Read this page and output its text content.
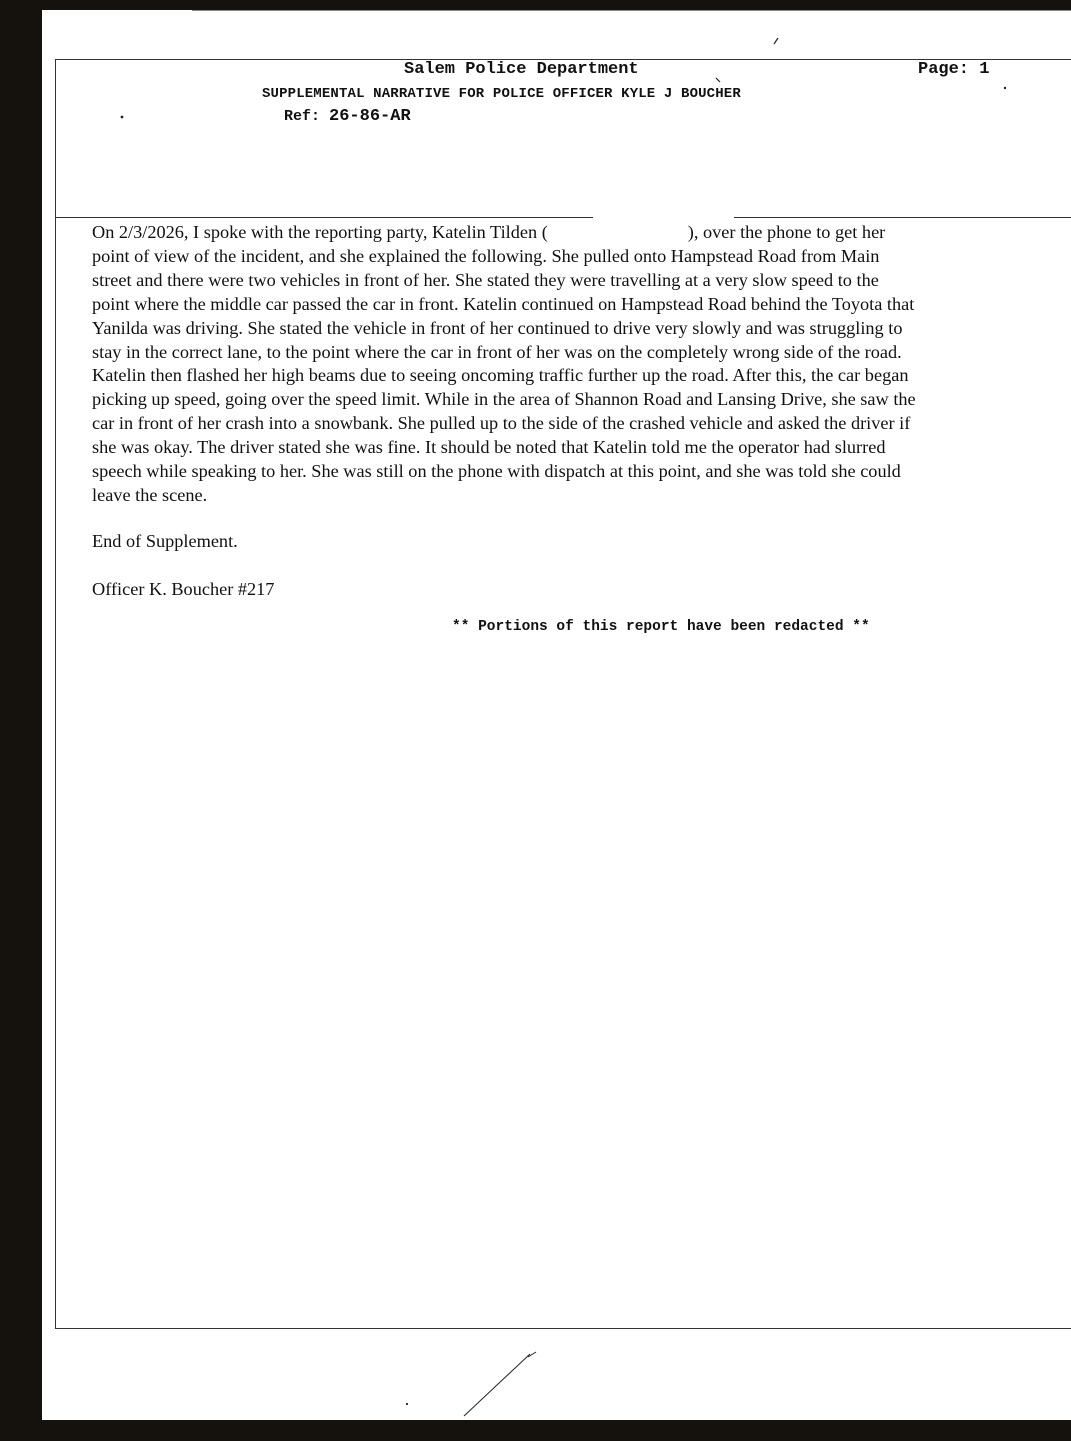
Salem Police Department	Page: 1
SUPPLEMENTAL NARRATIVE FOR POLICE OFFICER KYLE J BOUCHER
Ref: 26-86-AR
On 2/3/2026, I spoke with the reporting party, Katelin Tilden (	), over the phone to get her
point of view of the incident, and she explained the following. She pulled onto Hampstead Road from Main
street and there were two vehicles in front of her. She stated they were travelling at a very slow speed to the
point where the middle car passed the car in front. Katelin continued on Hampstead Road behind the Toyota that
Yanilda was driving. She stated the vehicle in front of her continued to drive very slowly and was struggling to
stay in the correct lane, to the point where the car in front of her was on the completely wrong side of the road.
Katelin then flashed her high beams due to seeing oncoming traffic further up the road. After this, the car began
picking up speed, going over the speed limit. While in the area of Shannon Road and Lansing Drive, she saw the
car in front of her crash into a snowbank. She pulled up to the side of the crashed vehicle and asked the driver if
she was okay. The driver stated she was fine. It should be noted that Katelin told me the operator had slurred
speech while speaking to her. She was still on the phone with dispatch at this point, and she was told she could
leave the scene.
End of Supplement.
Officer K. Boucher #217
** Portions of this report have been redacted **
